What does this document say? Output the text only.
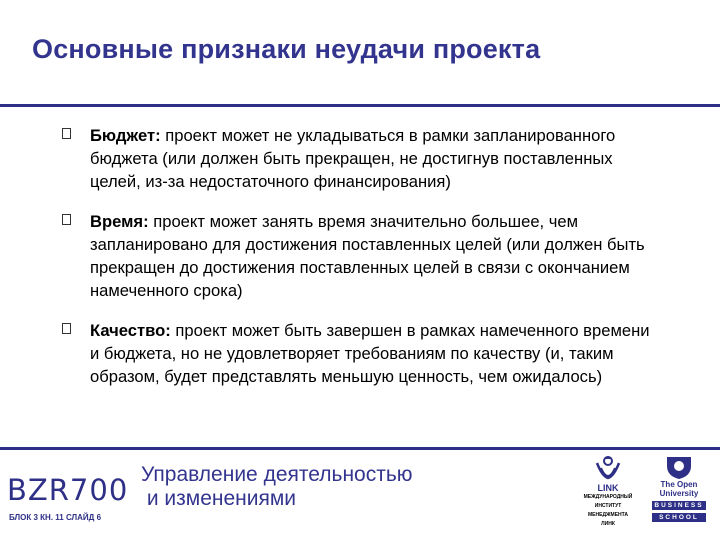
Основные признаки неудачи проекта
Бюджет: проект может не укладываться в рамки запланированного бюджета (или должен быть прекращен, не достигнув поставленных целей, из-за недостаточного финансирования)
Время: проект может занять время значительно большее, чем запланировано для достижения поставленных целей (или должен быть прекращен до достижения поставленных целей в связи с окончанием намеченного срока)
Качество: проект может быть завершен в рамках намеченного времени и бюджета, но не удовлетворяет требованиям по качеству (и, таким образом, будет представлять меньшую ценность, чем ожидалось)
BZR700
БЛОК 3 КН. 11 СЛАЙД 6
Управление деятельностью
и изменениями	LINK
МЕЖДУНАРОДНЫЙ
ИНСТИТУТ
МЕНЕДЖМЕНТА
ЛИНК
The Open
University
BUSINESS
SCHOOL
